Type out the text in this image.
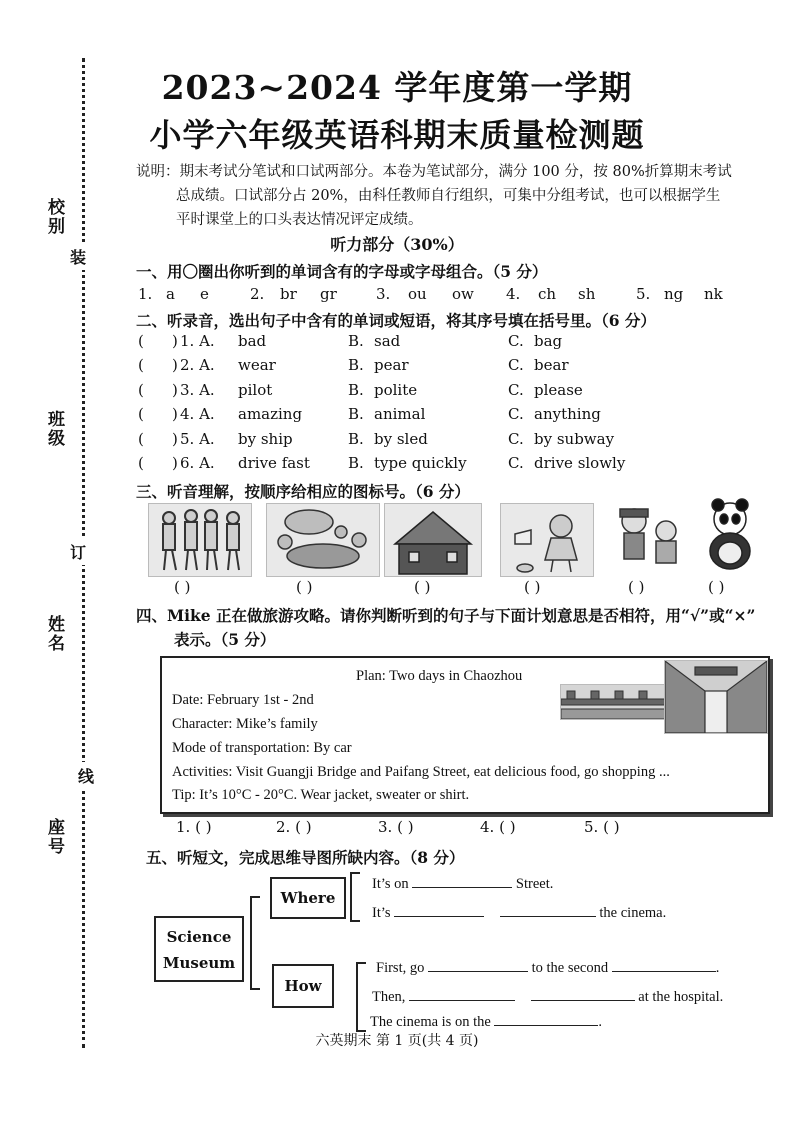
校别
班级
姓名
座号
装
订
线
2023~2024 学年度第一学期
小学六年级英语科期末质量检测题
说明：期末考试分笔试和口试两部分。本卷为笔试部分，满分 100 分，按 80%折算期末考试
总成绩。口试部分占 20%，由科任教师自行组织，可集中分组考试，也可以根据学生
平时课堂上的口头表达情况评定成绩。
听力部分（30%）
一、用〇圈出你听到的单词含有的字母或字母组合。（5 分）
1. a e	2. br gr	3. ou ow 4. ch sh	5. ng nk
二、听录音，选出句子中含有的单词或短语，将其序号填在括号里。（6 分）
( ) 1. A. bad	B. sad	C. bag
( ) 2. A. wear	B. pear	C. bear
( ) 3. A. pilot	B. polite	C. please
( ) 4. A. amazing	B. animal	C. anything
( ) 5. A. by ship	B. by sled	C. by subway
( ) 6. A. drive fast	B. type quickly	C. drive slowly
三、听音理解，按顺序给相应的图标号。（6 分）
( )	( )	( )	( )	( )	( )
四、Mike 正在做旅游攻略。请你判断听到的句子与下面计划意思是否相符，用“√”或“×”
表示。（5 分）
Plan: Two days in Chaozhou
Date: February 1st - 2nd
Character: Mike’s family
Mode of transportation: By car
Activities: Visit Guangji Bridge and Paifang Street, eat delicious food, go shopping ...
Tip: It’s 10°C - 20°C. Wear jacket, sweater or shirt.
1. ( )	2. ( )	3. ( )	4. ( )	5. ( )
五、听短文，完成思维导图所缺内容。（8 分）
Science
Museum
Where
It’s on	Street.
It’s	the cinema.
How
First, go	to the second	.
Then,	at the hospital.
The cinema is on the	.
六英期末 第 1 页(共 4 页)
